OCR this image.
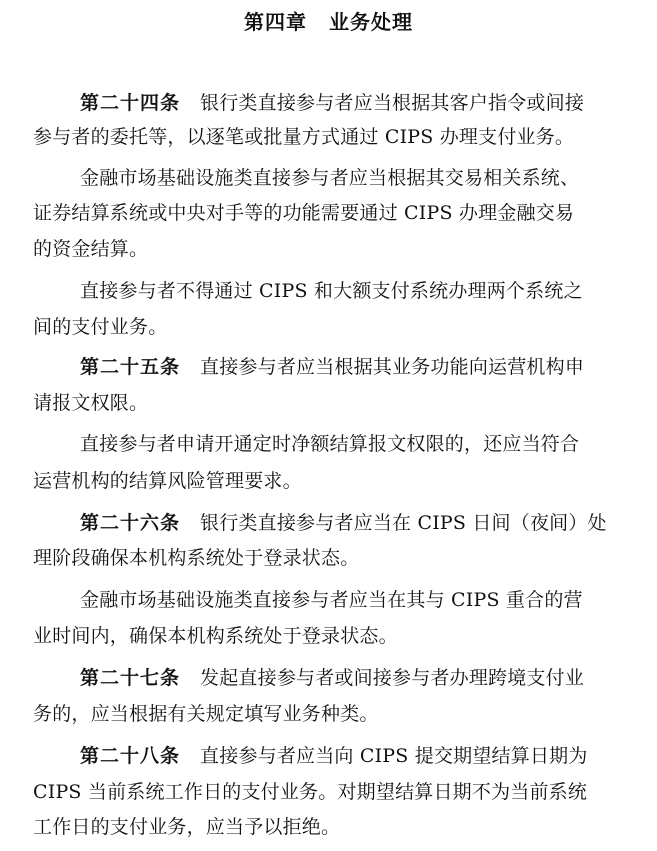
第四章 业务处理
第二十四条 银行类直接参与者应当根据其客户指令或间接
参与者的委托等，以逐笔或批量方式通过 CIPS 办理支付业务。
金融市场基础设施类直接参与者应当根据其交易相关系统、
证券结算系统或中央对手等的功能需要通过 CIPS 办理金融交易
的资金结算。
直接参与者不得通过 CIPS 和大额支付系统办理两个系统之
间的支付业务。
第二十五条 直接参与者应当根据其业务功能向运营机构申
请报文权限。
直接参与者申请开通定时净额结算报文权限的，还应当符合
运营机构的结算风险管理要求。
第二十六条 银行类直接参与者应当在 CIPS 日间（夜间）处
理阶段确保本机构系统处于登录状态。
金融市场基础设施类直接参与者应当在其与 CIPS 重合的营
业时间内，确保本机构系统处于登录状态。
第二十七条 发起直接参与者或间接参与者办理跨境支付业
务的，应当根据有关规定填写业务种类。
第二十八条 直接参与者应当向 CIPS 提交期望结算日期为
CIPS 当前系统工作日的支付业务。对期望结算日期不为当前系统
工作日的支付业务，应当予以拒绝。
